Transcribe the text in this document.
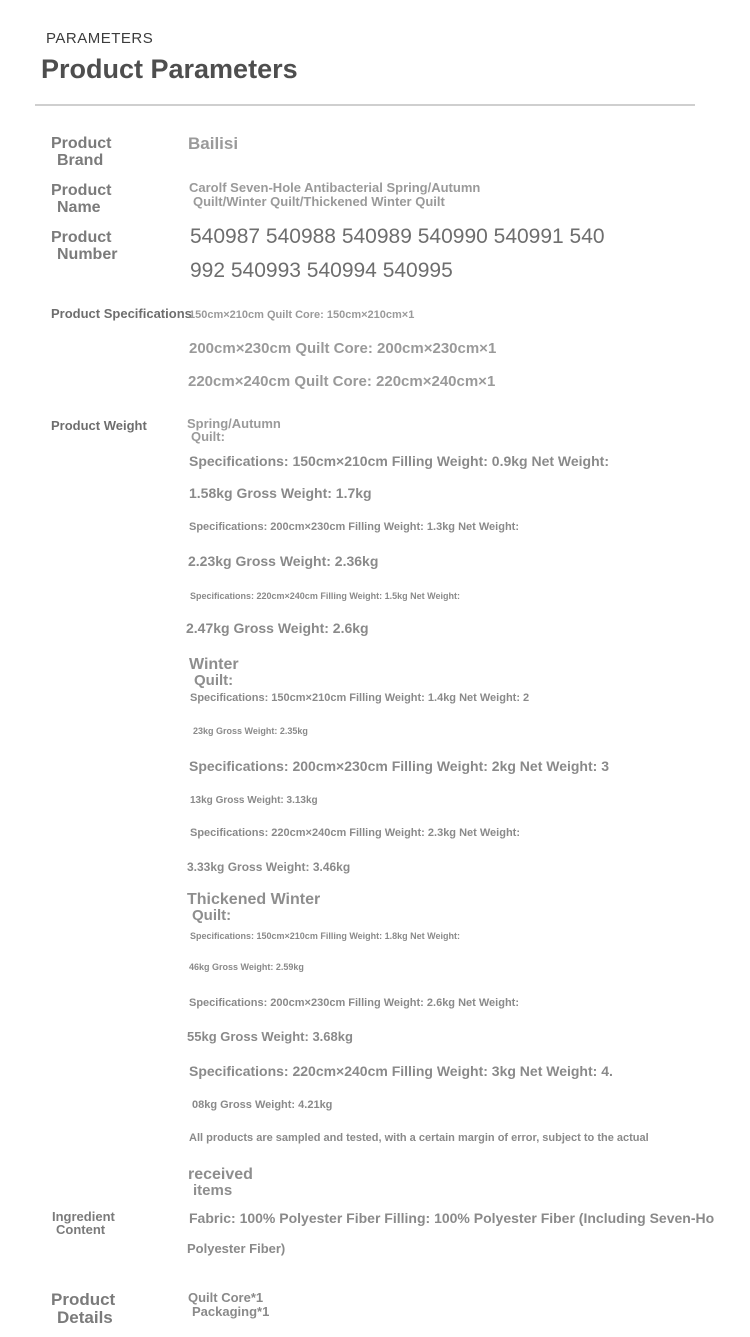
PARAMETERS
Product Parameters
Product
Brand
Bailisi
Product
Name
Carolf Seven-Hole Antibacterial Spring/Autumn
Quilt/Winter Quilt/Thickened Winter Quilt
Product
Number
540987 540988 540989 540990 540991 540
992 540993 540994 540995
Product Specifications
150cm×210cm Quilt Core: 150cm×210cm×1
200cm×230cm Quilt Core: 200cm×230cm×1
220cm×240cm Quilt Core: 220cm×240cm×1
Product Weight	Spring/Autumn
Quilt:
Specifications: 150cm×210cm Filling Weight: 0.9kg Net Weight:
1.58kg Gross Weight: 1.7kg
Specifications: 200cm×230cm Filling Weight: 1.3kg Net Weight:
2.23kg Gross Weight: 2.36kg
Specifications: 220cm×240cm Filling Weight: 1.5kg Net Weight:
2.47kg Gross Weight: 2.6kg
Winter
Quilt:
Specifications: 150cm×210cm Filling Weight: 1.4kg Net Weight: 2
23kg Gross Weight: 2.35kg
Specifications: 200cm×230cm Filling Weight: 2kg Net Weight: 3
13kg Gross Weight: 3.13kg
Specifications: 220cm×240cm Filling Weight: 2.3kg Net Weight:
3.33kg Gross Weight: 3.46kg
Thickened Winter
Quilt:
Specifications: 150cm×210cm Filling Weight: 1.8kg Net Weight:
46kg Gross Weight: 2.59kg
Specifications: 200cm×230cm Filling Weight: 2.6kg Net Weight:
55kg Gross Weight: 3.68kg
Specifications: 220cm×240cm Filling Weight: 3kg Net Weight: 4.
08kg Gross Weight: 4.21kg
All products are sampled and tested, with a certain margin of error, subject to the actual
received
items
Ingredient
Content
Fabric: 100% Polyester Fiber Filling: 100% Polyester Fiber (Including Seven-Ho
Polyester Fiber)
Product
Details
Quilt Core*1
Packaging*1
